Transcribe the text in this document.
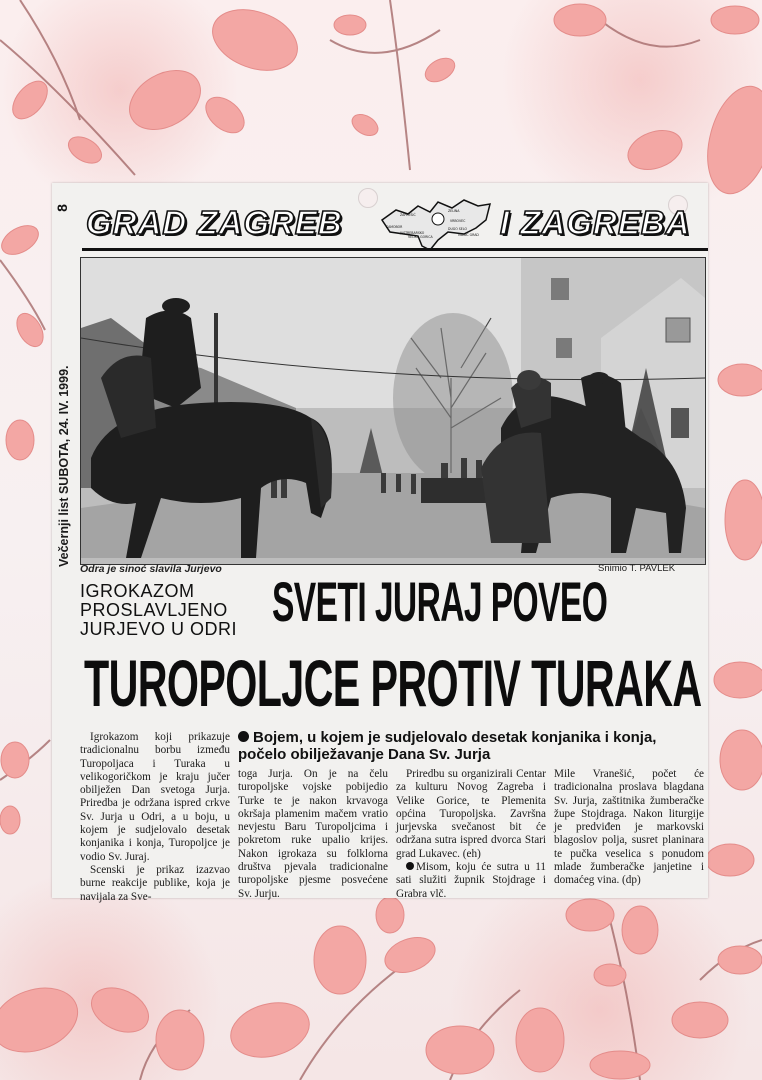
8
Večernji list SUBOTA, 24. IV. 1999.
GRAD ZAGREB	ZAPREŠIĆ
ZELINA
SAMOBOR
VRBOVEC
DUGO SELO
VELIKA GORICA
JASTREBARSKO	IVANIĆ GRAD I ZAGREBA
Odra je sinoć slavila Jurjevo	Snimio T. PAVLEK
IGROKAZOM
PROSLAVLJENO
JURJEVO U ODRI SVETI JURAJ POVEO
TUROPOLJCE PROTIV TURAKA

Igrokazom koji prikazuje tradicionalnu borbu između Turopoljaca i Turaka u velikogoričkom je kraju jučer obilježen Dan svetoga Jurja. Priredba je održana ispred crkve Sv. Jurja u Odri, a u boju, u kojem je sudjelovalo desetak konjanika i konja, Turopoljce je vodio Sv. Juraj.

Scenski je prikaz izazvao burne reakcije publike, koja je navijala za Sve-

Bojem, u kojem je sudjelovalo desetak konjanika i konja, počelo obilježavanje Dana Sv. Jurja

toga Jurja. On je na čelu turopoljske vojske pobijedio Turke te je nakon krvavoga okršaja plamenim mačem vratio nevjestu Baru Turopoljcima i pokretom ruke upalio krijes. Nakon igrokaza su folklorna društva pjevala tradicionalne turopoljske pjesme posvećene Sv. Jurju.

Priredbu su organizirali Centar za kulturu Novog Zagreba i Velike Gorice, te Plemenita općina Turopoljska. Završna jurjevska svečanost bit će održana sutra ispred dvorca Stari grad Lukavec. (eh)

Misom, koju će sutra u 11 sati služiti župnik Stojdrage i Grabra vlč.

Mile Vranešić, počet će tradicionalna proslava blagdana Sv. Jurja, zaštitnika žumberačke župe Stojdraga. Nakon liturgije je predviđen je markovski blagoslov polja, susret planinara te pučka veselica s ponudom mlade žumberačke janjetine i domaćeg vina. (dp)
